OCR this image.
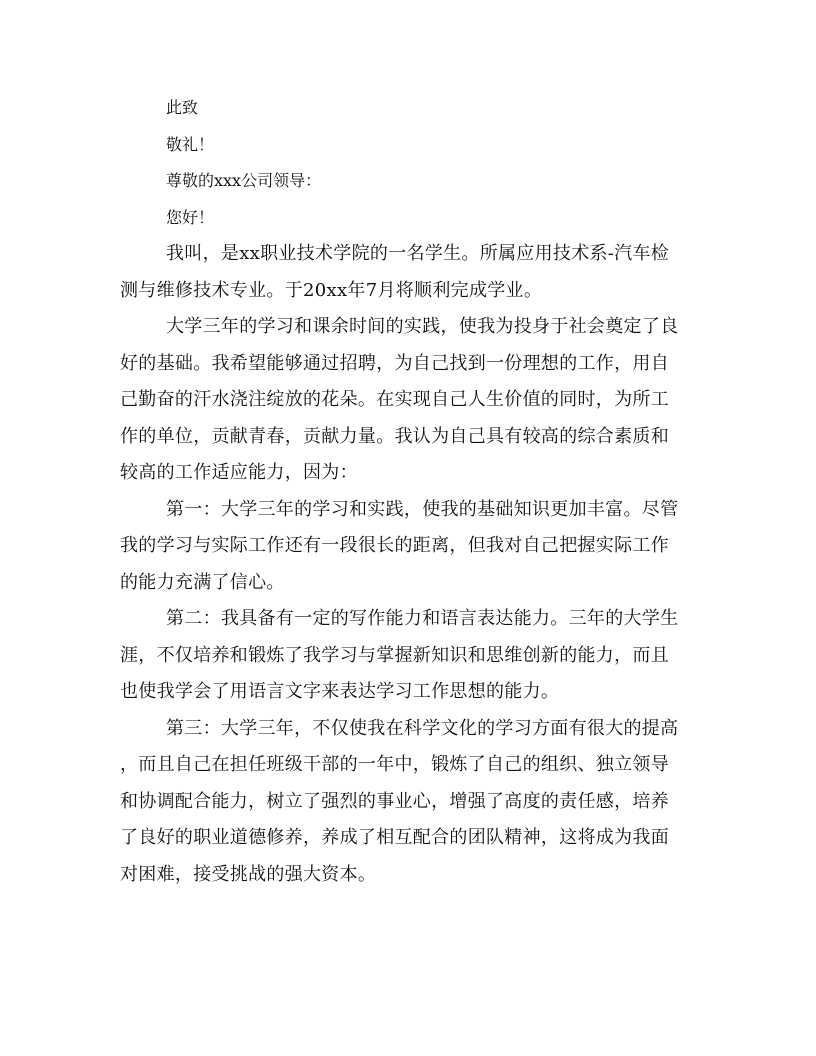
此致
敬礼！
尊敬的xxx公司领导：
您好！
我叫，是xx职业技术学院的一名学生。所属应用技术系-汽车检
测与维修技术专业。于20xx年7月将顺利完成学业。
大学三年的学习和课余时间的实践，使我为投身于社会奠定了良
好的基础。我希望能够通过招聘，为自己找到一份理想的工作，用自
己勤奋的汗水浇注绽放的花朵。在实现自己人生价值的同时，为所工
作的单位，贡献青春，贡献力量。我认为自己具有较高的综合素质和
较高的工作适应能力，因为：
第一：大学三年的学习和实践，使我的基础知识更加丰富。尽管
我的学习与实际工作还有一段很长的距离，但我对自己把握实际工作
的能力充满了信心。
第二：我具备有一定的写作能力和语言表达能力。三年的大学生
涯，不仅培养和锻炼了我学习与掌握新知识和思维创新的能力，而且
也使我学会了用语言文字来表达学习工作思想的能力。
第三：大学三年，不仅使我在科学文化的学习方面有很大的提高
，而且自己在担任班级干部的一年中，锻炼了自己的组织、独立领导
和协调配合能力，树立了强烈的事业心，增强了高度的责任感，培养
了良好的职业道德修养，养成了相互配合的团队精神，这将成为我面
对困难，接受挑战的强大资本。
